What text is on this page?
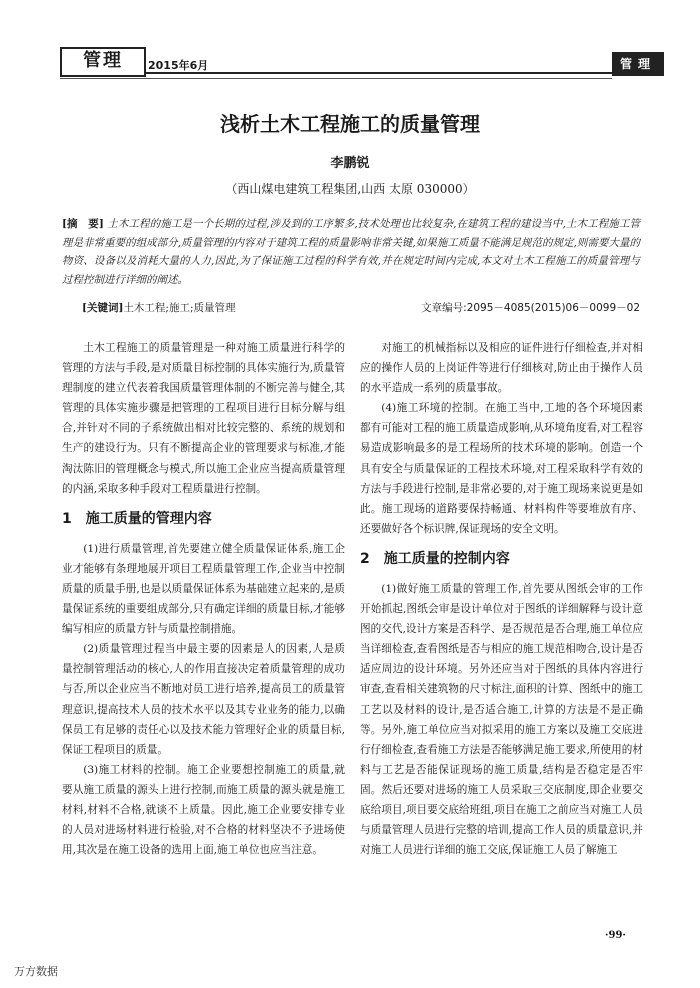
管理	2015年6月	管理
浅析土木工程施工的质量管理
李鹏锐
（西山煤电建筑工程集团,山西 太原 030000）
[摘　要] 土木工程的施工是一个长期的过程,涉及到的工序繁多,技术处理也比较复杂,在建筑工程的建设当中,土木工程施工管理是非常重要的组成部分,质量管理的内容对于建筑工程的质量影响非常关键,如果施工质量不能满足规范的规定,则需要大量的物资、设备以及消耗大量的人力,因此,为了保证施工过程的科学有效,并在规定时间内完成,本文对土木工程施工的质量管理与过程控制进行详细的阐述。
[关键词]土木工程;施工;质量管理	文章编号:2095－4085(2015)06－0099－02

土木工程施工的质量管理是一种对施工质量进行科学的管理的方法与手段,是对质量目标控制的具体实施行为,质量管理制度的建立代表着我国质量管理体制的不断完善与健全,其管理的具体实施步骤是把管理的工程项目进行目标分解与组合,并针对不同的子系统做出相对比较完整的、系统的规划和生产的建设行为。只有不断提高企业的管理要求与标准,才能淘汰陈旧的管理概念与模式,所以施工企业应当提高质量管理的内涵,采取多种手段对工程质量进行控制。

1　施工质量的管理内容

(1)进行质量管理,首先要建立健全质量保证体系,施工企业才能够有条理地展开项目工程质量管理工作,企业当中控制质量的质量手册,也是以质量保证体系为基础建立起来的,是质量保证系统的重要组成部分,只有确定详细的质量目标,才能够编写相应的质量方针与质量控制措施。

(2)质量管理过程当中最主要的因素是人的因素,人是质量控制管理活动的核心,人的作用直接决定着质量管理的成功与否,所以企业应当不断地对员工进行培养,提高员工的质量管理意识,提高技术人员的技术水平以及其专业业务的能力,以确保员工有足够的责任心以及技术能力管理好企业的质量目标,保证工程项目的质量。

(3)施工材料的控制。施工企业要想控制施工的质量,就要从施工质量的源头上进行控制,而施工质量的源头就是施工材料,材料不合格,就谈不上质量。因此,施工企业要安排专业的人员对进场材料进行检验,对不合格的材料坚决不予进场使用,其次是在施工设备的选用上面,施工单位也应当注意。

对施工的机械指标以及相应的证件进行仔细检查,并对相应的操作人员的上岗证件等进行仔细核对,防止由于操作人员的水平造成一系列的质量事故。

(4)施工环境的控制。在施工当中,工地的各个环境因素都有可能对工程的施工质量造成影响,从环境角度看,对工程容易造成影响最多的是工程场所的技术环境的影响。创造一个具有安全与质量保证的工程技术环境,对工程采取科学有效的方法与手段进行控制,是非常必要的,对于施工现场来说更是如此。施工现场的道路要保持畅通、材料构件等要堆放有序、还要做好各个标识牌,保证现场的安全文明。

2　施工质量的控制内容

(1)做好施工质量的管理工作,首先要从图纸会审的工作开始抓起,图纸会审是设计单位对于图纸的详细解释与设计意图的交代,设计方案是否科学、是否规范是否合理,施工单位应当详细检查,查看图纸是否与相应的施工规范相吻合,设计是否适应周边的设计环境。另外还应当对于图纸的具体内容进行审查,查看相关建筑物的尺寸标注,面积的计算、图纸中的施工工艺以及材料的设计,是否适合施工,计算的方法是不是正确等。另外,施工单位应当对拟采用的施工方案以及施工交底进行仔细检查,查看施工方法是否能够满足施工要求,所使用的材料与工艺是否能保证现场的施工质量,结构是否稳定是否牢固。然后还要对进场的施工人员采取三交底制度,即企业要交底给项目,项目要交底给班组,项目在施工之前应当对施工人员与质量管理人员进行完整的培训,提高工作人员的质量意识,并对施工人员进行详细的施工交底,保证施工人员了解施工

·99·
万方数据
